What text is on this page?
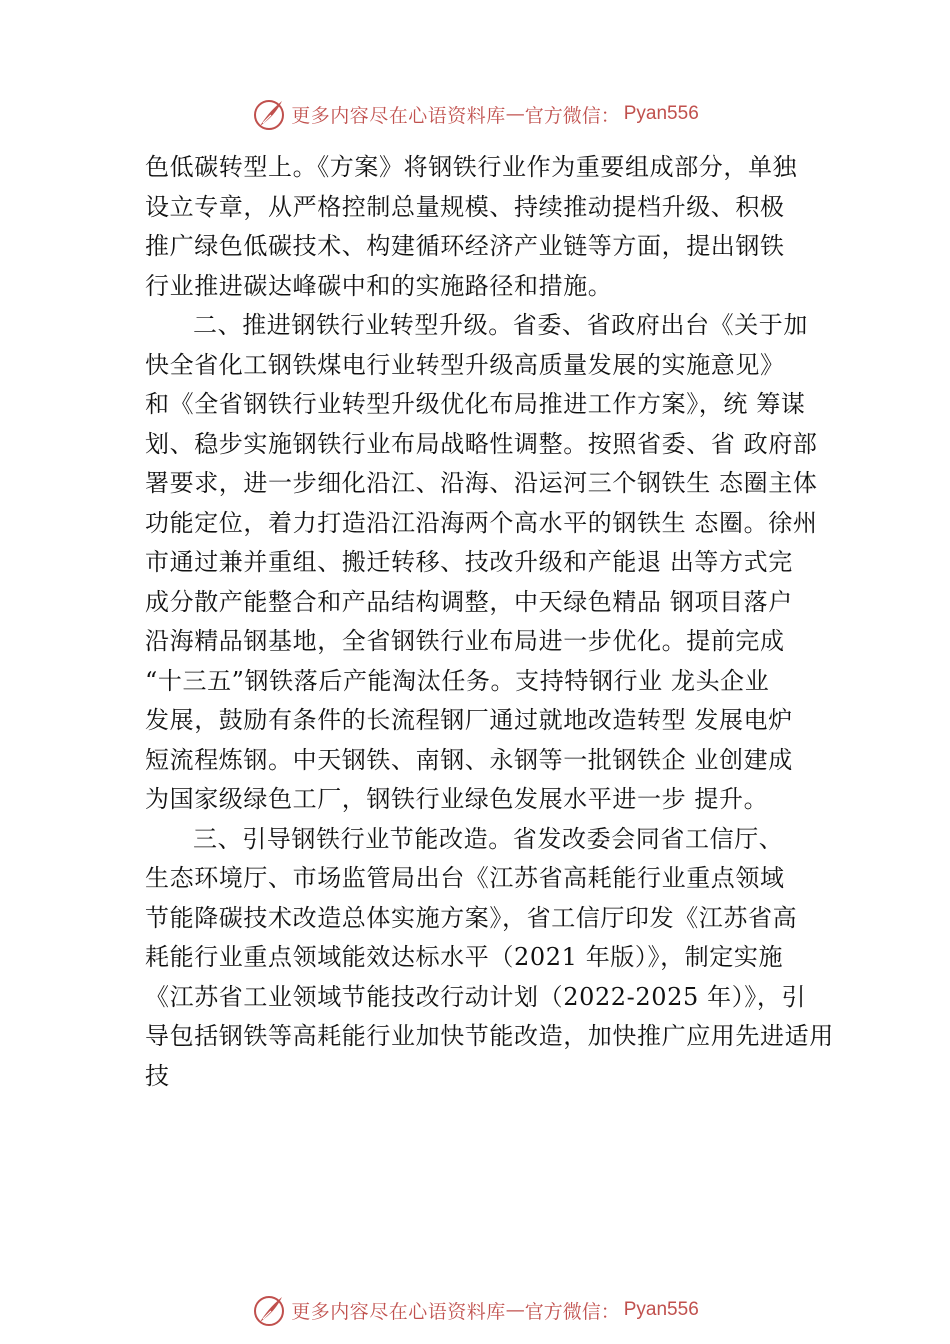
更多内容尽在心语资料库 — 官方微信： Pyan556
色低碳转型上。《方案》将钢铁行业作为重要组成部分，单独
设立专章，从严格控制总量规模、持续推动提档升级、积极
推广绿色低碳技术、构建循环经济产业链等方面，提出钢铁
行业推进碳达峰碳中和的实施路径和措施。
二、推进钢铁行业转型升级。省委、省政府出台《关于加
快全省化工钢铁煤电行业转型升级高质量发展的实施意见》
和《全省钢铁行业转型升级优化布局推进工作方案》，统 筹谋
划、稳步实施钢铁行业布局战略性调整。按照省委、省 政府部
署要求，进一步细化沿江、沿海、沿运河三个钢铁生 态圈主体
功能定位，着力打造沿江沿海两个高水平的钢铁生 态圈。徐州
市通过兼并重组、搬迁转移、技改升级和产能退 出等方式完
成分散产能整合和产品结构调整，中天绿色精品 钢项目落户
沿海精品钢基地，全省钢铁行业布局进一步优化。提前完成
“十三五”钢铁落后产能淘汰任务。支持特钢行业 龙头企业
发展，鼓励有条件的长流程钢厂通过就地改造转型 发展电炉
短流程炼钢。中天钢铁、南钢、永钢等一批钢铁企 业创建成
为国家级绿色工厂，钢铁行业绿色发展水平进一步 提升。
三、引导钢铁行业节能改造。省发改委会同省工信厅、
生态环境厅、市场监管局出台《江苏省高耗能行业重点领域
节能降碳技术改造总体实施方案》，省工信厅印发《江苏省高
耗能行业重点领域能效达标水平（2021 年版）》，制定实施
《江苏省工业领域节能技改行动计划（2022-2025 年）》，引
导包括钢铁等高耗能行业加快节能改造，加快推广应用先进适用
技
更多内容尽在心语资料库 — 官方微信： Pyan556
